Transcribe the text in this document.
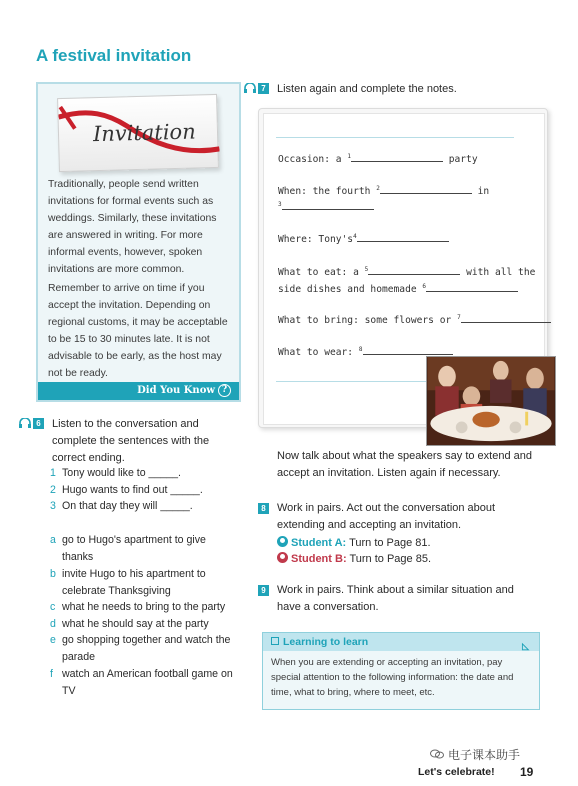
A festival invitation
Invitation

Traditionally, people send written invitations for formal events such as weddings. Similarly, these invitations are answered in writing. For more informal events, however, spoken invitations are more common.

Remember to arrive on time if you accept the invitation. Depending on regional customs, it may be acceptable to be 15 to 30 minutes late. It is not advisable to be early, as the host may not be ready.

Did You Know ?
6 Listen to the conversation and complete the sentences with the correct ending.
1 Tony would like to _____.
2 Hugo wants to find out _____.
3 On that day they will _____.
a go to Hugo's apartment to give thanks
b invite Hugo to his apartment to celebrate Thanksgiving
c what he needs to bring to the party
d what he should say at the party
e go shopping together and watch the parade
f watch an American football game on TV
7 Listen again and complete the notes.
Occasion: a $^1$	party
When: the fourth $^2$	in
$^3$
Where: $Tony's^4$
What to eat: a $^5$	with all the
side dishes and homemade $^6$
What to bring: some flowers or $^7$
What to wear: $^8$
Now talk about what the speakers say to extend and accept an invitation. Listen again if necessary.
8 Work in pairs. Act out the conversation about extending and accepting an invitation.
Student A: Turn to Page 81.
Student B: Turn to Page 85.
9 Work in pairs. Think about a similar situation and have a conversation.
Learning to learn	◺
When you are extending or accepting an invitation, pay special attention to the following information: the date and time, what to bring, where to meet, etc.
电子课本助手
Let's celebrate! 19
